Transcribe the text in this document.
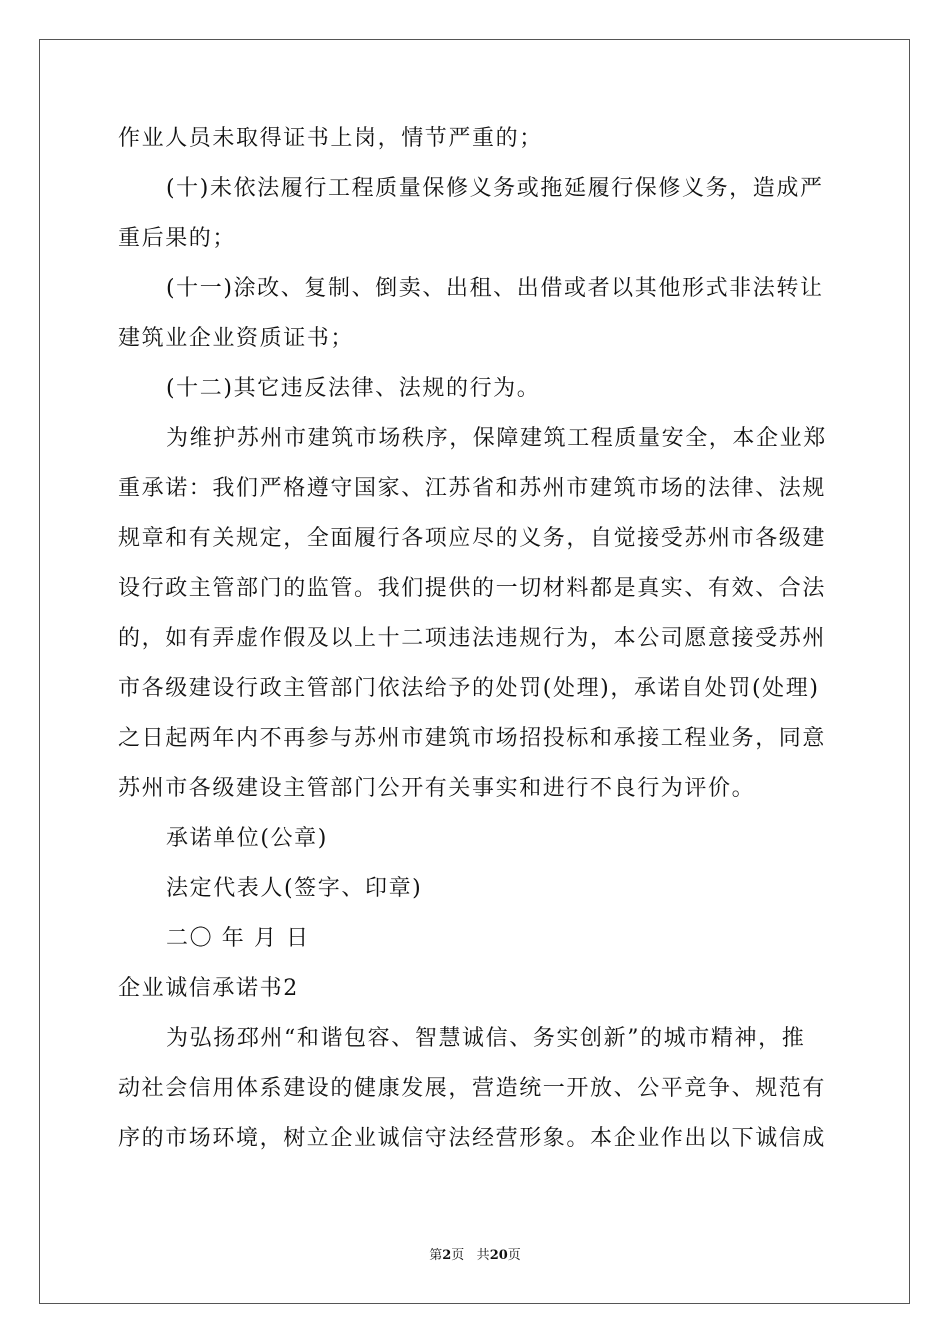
作业人员未取得证书上岗，情节严重的；
(十)未依法履行工程质量保修义务或拖延履行保修义务，造成严
重后果的；
(十一)涂改、复制、倒卖、出租、出借或者以其他形式非法转让
建筑业企业资质证书；
(十二)其它违反法律、法规的行为。
为维护苏州市建筑市场秩序，保障建筑工程质量安全，本企业郑
重承诺：我们严格遵守国家、江苏省和苏州市建筑市场的法律、法规
规章和有关规定，全面履行各项应尽的义务，自觉接受苏州市各级建
设行政主管部门的监管。我们提供的一切材料都是真实、有效、合法
的，如有弄虚作假及以上十二项违法违规行为，本公司愿意接受苏州
市各级建设行政主管部门依法给予的处罚(处理)，承诺自处罚(处理)
之日起两年内不再参与苏州市建筑市场招投标和承接工程业务，同意
苏州市各级建设主管部门公开有关事实和进行不良行为评价。
承诺单位(公章)
法定代表人(签字、印章)
二〇 年 月 日
企业诚信承诺书2
为弘扬邳州“和谐包容、智慧诚信、务实创新”的城市精神，推
动社会信用体系建设的健康发展，营造统一开放、公平竞争、规范有
序的市场环境，树立企业诚信守法经营形象。本企业作出以下诚信成
第2页 共20页
